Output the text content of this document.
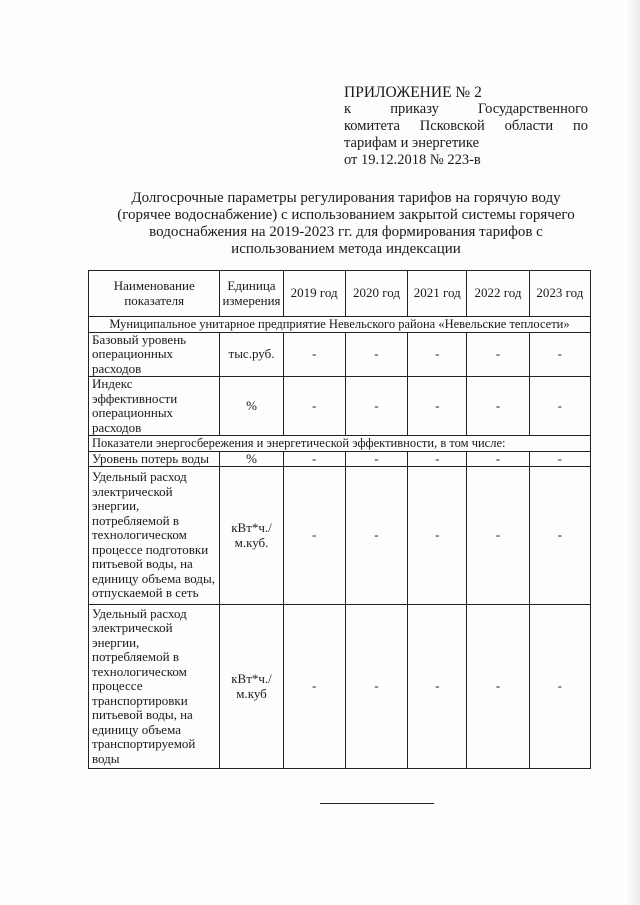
ПРИЛОЖЕНИЕ № 2
к приказу Государственного
комитета Псковской области по
тарифам и энергетике
от 19.12.2018 № 223-в
Долгосрочные параметры регулирования тарифов на горячую воду
(горячее водоснабжение) с использованием закрытой системы горячего
водоснабжения на 2019-2023 гг. для формирования тарифов с
использованием метода индексации
Наименование показателя	Единица измерения	2019 год	2020 год	2021 год	2022 год	2023 год
Муниципальное унитарное предприятие Невельского района «Невельские теплосети»						
Базовый уровень операционных расходов	тыс.руб.	-	-	-	-	-
Индекс эффективности операционных расходов	%	-	-	-	-	-
Показатели энергосбережения и энергетической эффективности, в том числе:						
Уровень потерь воды	%	-	-	-	-	-
Удельный расход электрической энергии, потребляемой в технологическом процессе подготовки питьевой воды, на единицу объема воды, отпускаемой в сеть	кВт*ч./м.куб.	-	-	-	-	-
Удельный расход электрической энергии, потребляемой в технологическом процессе транспортировки питьевой воды, на единицу объема транспортируемой воды	кВт*ч./м.куб	-	-	-	-	-
